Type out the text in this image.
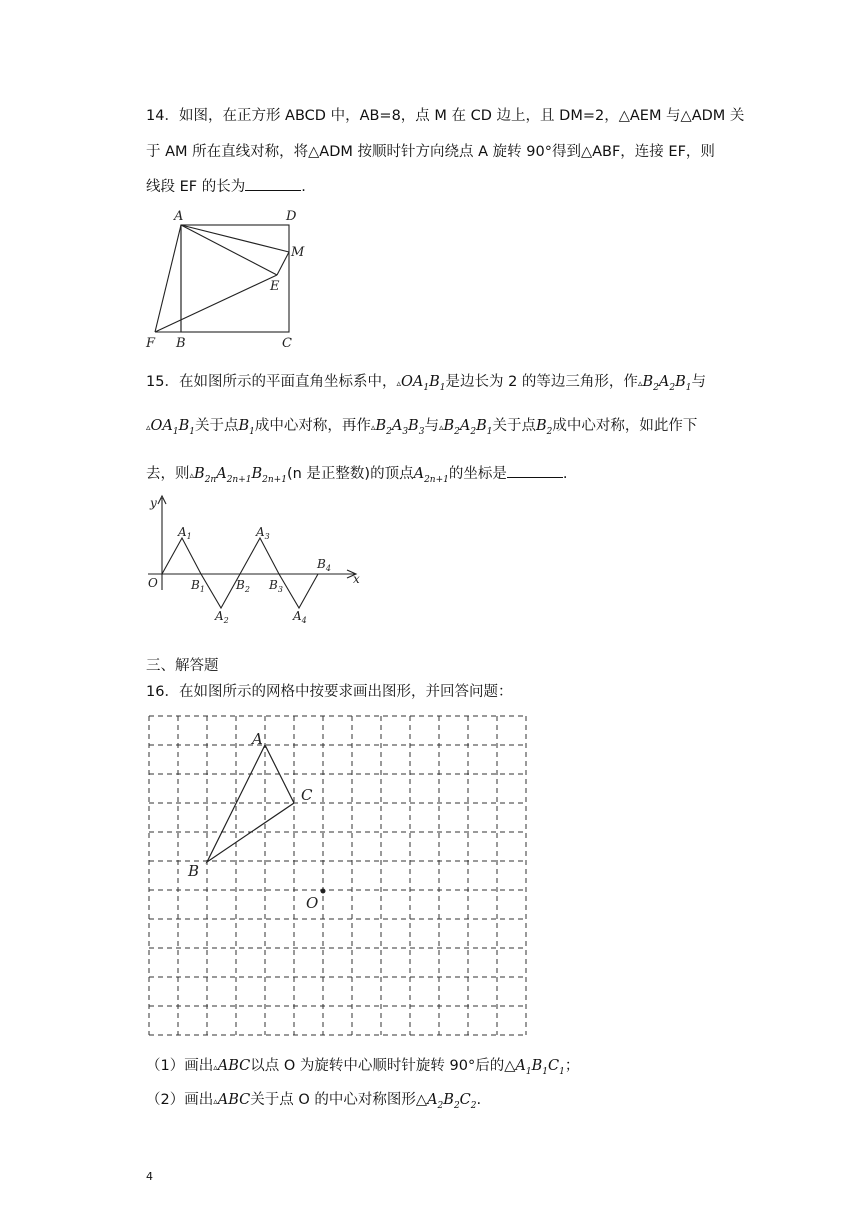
14．如图，在正方形 ABCD 中，AB=8，点 M 在 CD 边上，且 DM=2，△AEM 与△ADM 关
于 AM 所在直线对称，将△ADM 按顺时针方向绕点 A 旋转 90°得到△ABF，连接 EF，则
线段 EF 的长为	.
A	D
M
E
F B	C
15．在如图所示的平面直角坐标系中，$▵OA_1B_1$是边长为 2 的等边三角形，作$▵B_2A_2B_1$与
$▵OA_1B_1$关于点$B_1$成中心对称，再作$▵B_2A_3B_3$与$▵B_2A_2B_1$关于点$B_2$成中心对称，如此作下
去，则$▵B_{2n}A_{2n+1}B_{2n+1}(n$ 是正整数)的顶点$A_{2n+1}$的坐标是	.
y
x
O
$A_1$
$B_1$
$A_2$
$B_2$
$A_3$
$B_3$
$A_4$
$B_4$
三、解答题
16．在如图所示的网格中按要求画出图形，并回答问题：
A
C
B
O
（1）画出▵ABC以点 O 为旋转中心顺时针旋转 90°后的$\triangle A_1B_1C_1$；
（2）画出▵ABC关于点 O 的中心对称图形$\triangle A_2B_2C_2$.
4
